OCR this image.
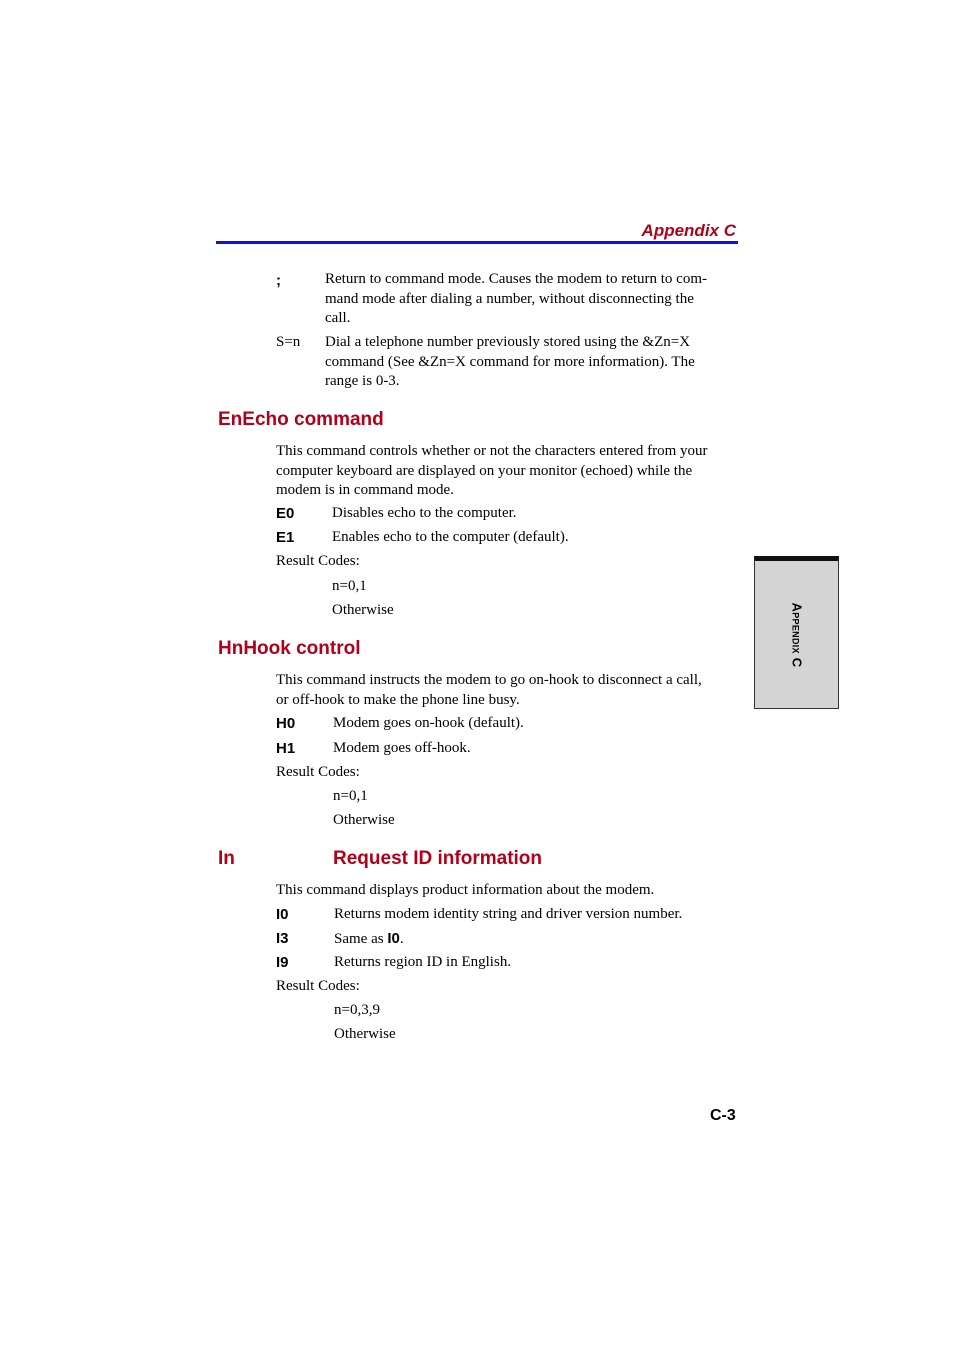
Appendix C
;	Return to command mode. Causes the modem to return to com-
mand mode after dialing a number, without disconnecting the
call.
S=n Dial a telephone number previously stored using the &Zn=X
command (See &Zn=X command for more information). The
range is 0-3.
EnEcho command
This command controls whether or not the characters entered from your
computer keyboard are displayed on your monitor (echoed) while the
modem is in command mode.
E0	Disables echo to the computer.
E1	Enables echo to the computer (default).
Result Codes:
n=0,1
Otherwise
HnHook control
This command instructs the modem to go on-hook to disconnect a call,
or off-hook to make the phone line busy.
H0	Modem goes on-hook (default).
H1	Modem goes off-hook.
Result Codes:
n=0,1
Otherwise
In	Request ID information
This command displays product information about the modem.
I0	Returns modem identity string and driver version number.
I3	Same as I0.
I9	Returns region ID in English.
Result Codes:
n=0,3,9
Otherwise
Appendix C
C-3
